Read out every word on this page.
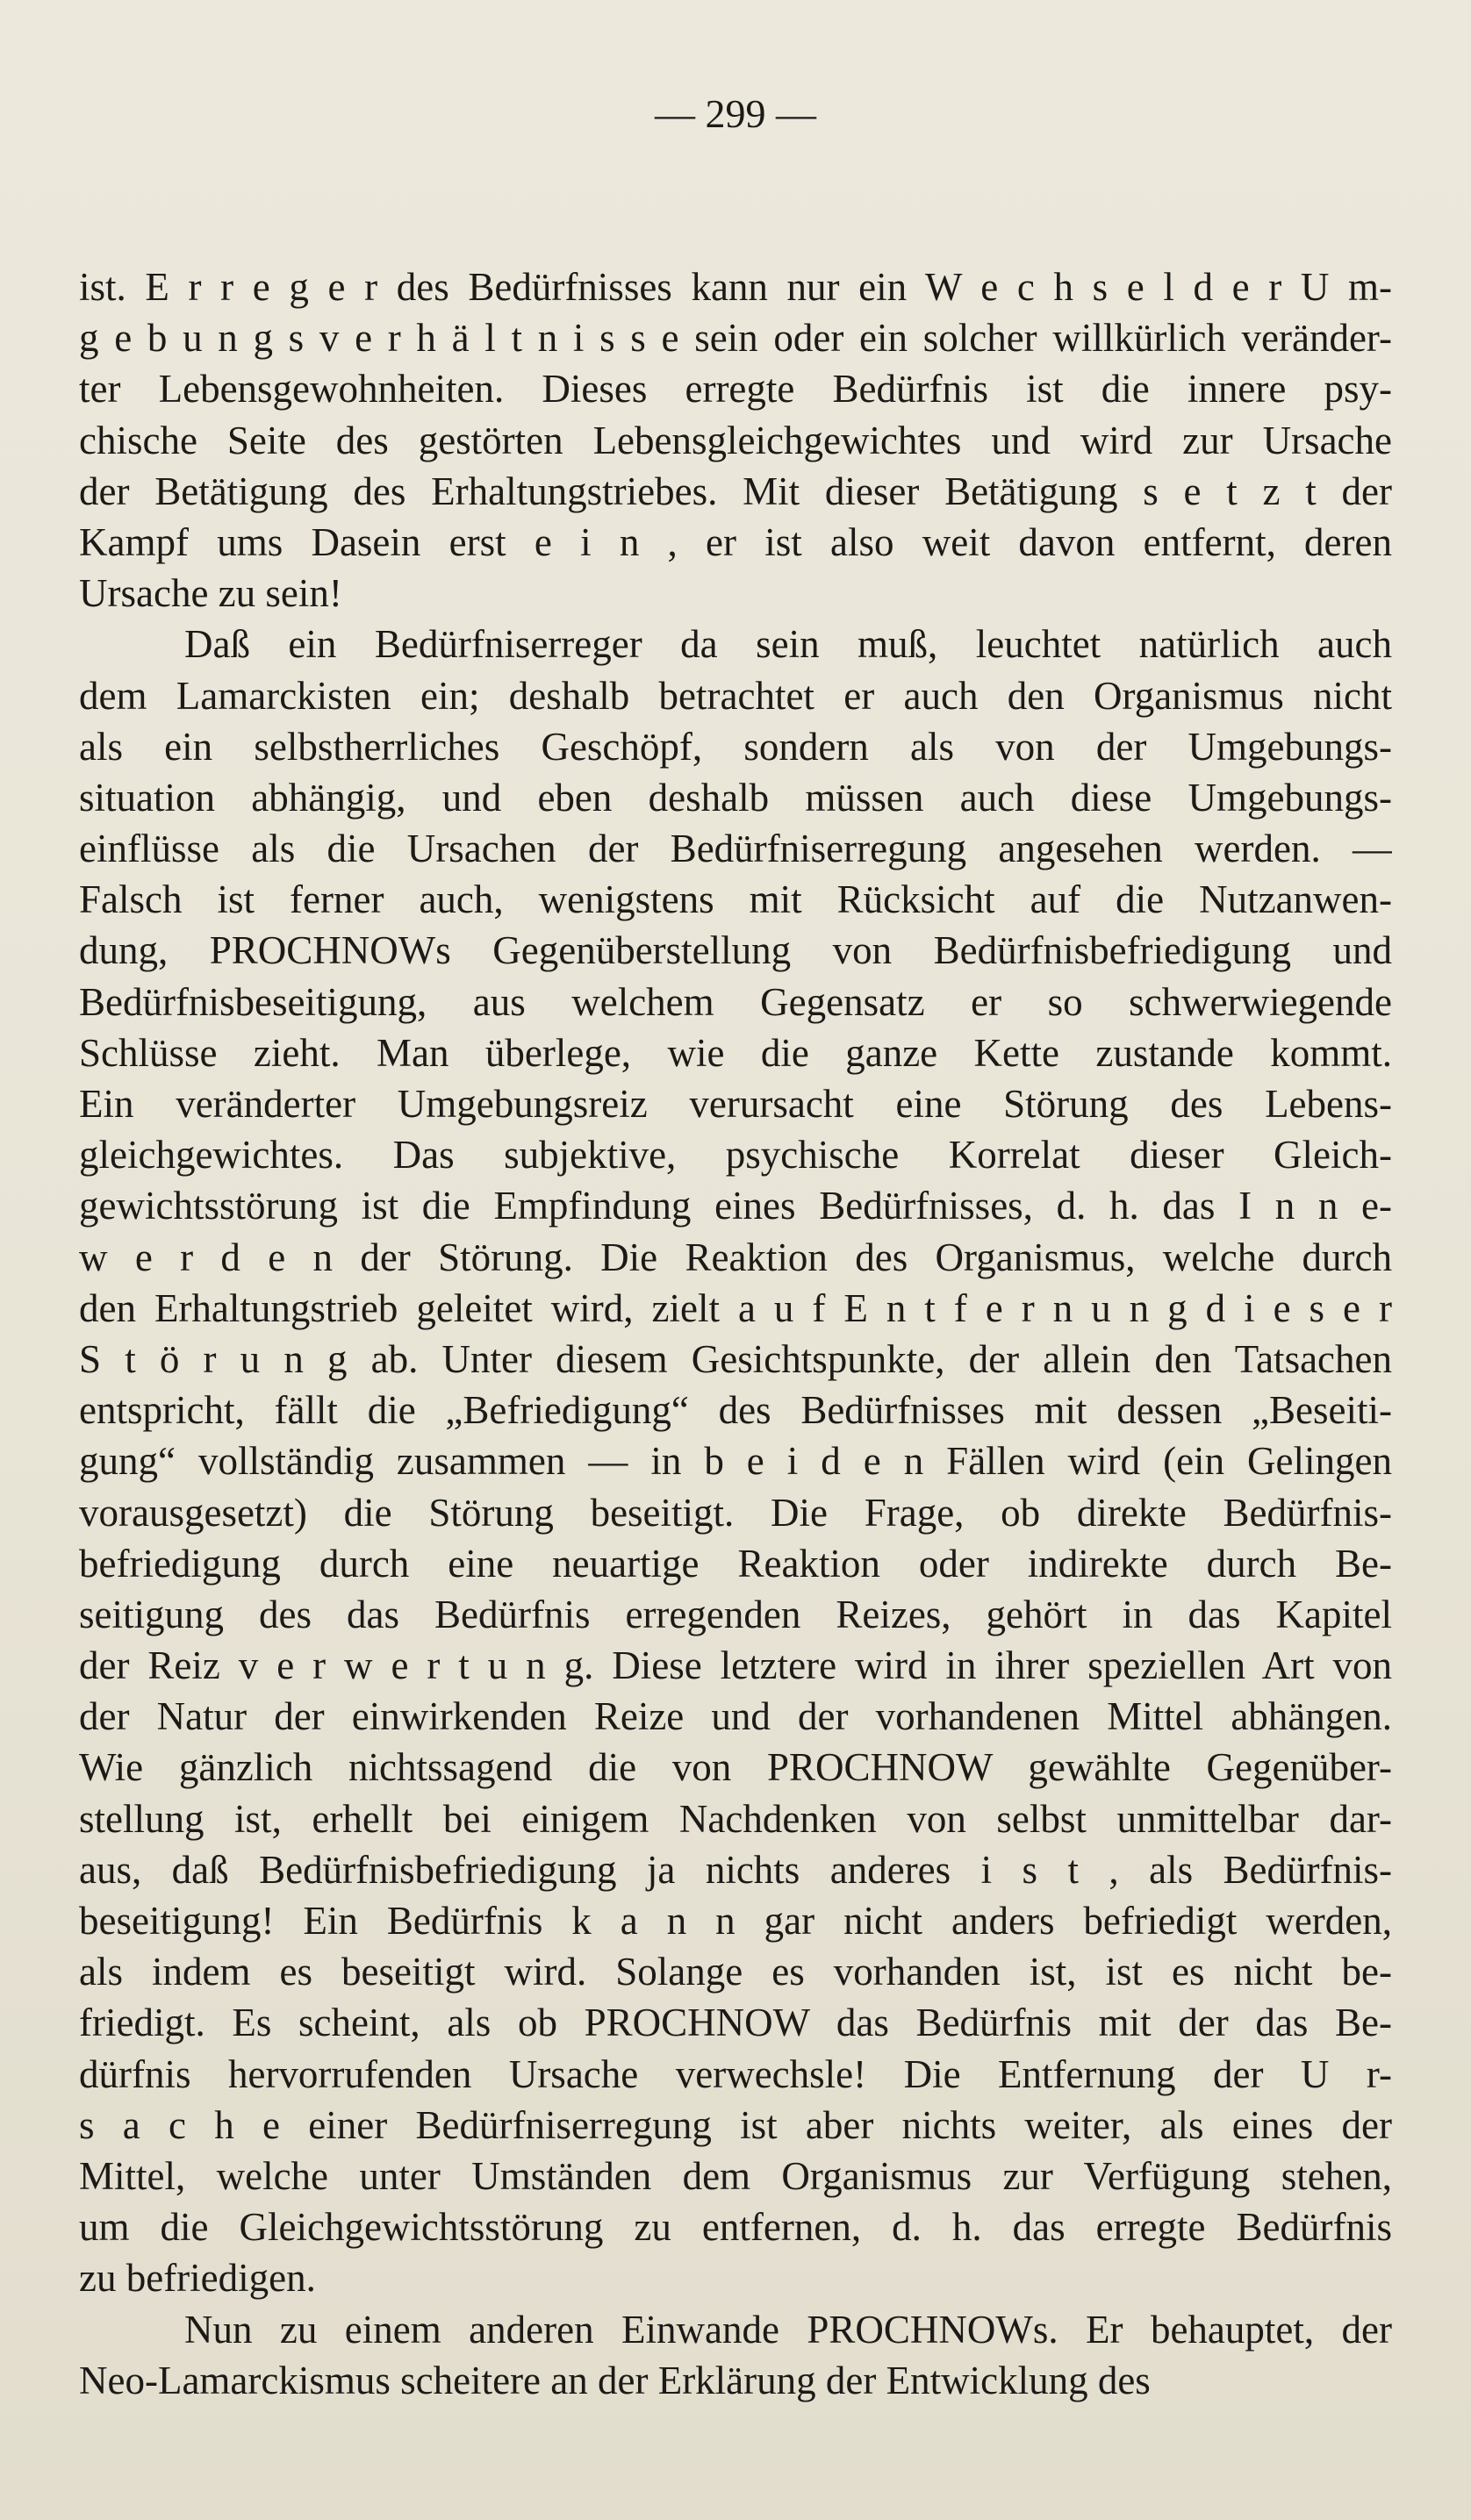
— 299 —
ist. E r r e g e r des Bedürfnisses kann nur ein W e c h s e l d e r U m-
g e b u n g s v e r h ä l t n i s s e sein oder ein solcher willkürlich veränder-
ter Lebensgewohnheiten. Dieses erregte Bedürfnis ist die innere psy-
chische Seite des gestörten Lebensgleichgewichtes und wird zur Ursache
der Betätigung des Erhaltungstriebes. Mit dieser Betätigung s e t z t der
Kampf ums Dasein erst e i n , er ist also weit davon entfernt, deren
Ursache zu sein!
Daß ein Bedürfniserreger da sein muß, leuchtet natürlich auch
dem Lamarckisten ein; deshalb betrachtet er auch den Organismus nicht
als ein selbstherrliches Geschöpf, sondern als von der Umgebungs-
situation abhängig, und eben deshalb müssen auch diese Umgebungs-
einflüsse als die Ursachen der Bedürfniserregung angesehen werden. —
Falsch ist ferner auch, wenigstens mit Rücksicht auf die Nutzanwen-
dung, PROCHNOWs Gegenüberstellung von Bedürfnisbefriedigung und
Bedürfnisbeseitigung, aus welchem Gegensatz er so schwerwiegende
Schlüsse zieht. Man überlege, wie die ganze Kette zustande kommt.
Ein veränderter Umgebungsreiz verursacht eine Störung des Lebens-
gleichgewichtes. Das subjektive, psychische Korrelat dieser Gleich-
gewichtsstörung ist die Empfindung eines Bedürfnisses, d. h. das I n n e-
w e r d e n der Störung. Die Reaktion des Organismus, welche durch
den Erhaltungstrieb geleitet wird, zielt a u f E n t f e r n u n g d i e s e r
S t ö r u n g ab. Unter diesem Gesichtspunkte, der allein den Tatsachen
entspricht, fällt die „Befriedigung“ des Bedürfnisses mit dessen „Beseiti-
gung“ vollständig zusammen — in b e i d e n Fällen wird (ein Gelingen
vorausgesetzt) die Störung beseitigt. Die Frage, ob direkte Bedürfnis-
befriedigung durch eine neuartige Reaktion oder indirekte durch Be-
seitigung des das Bedürfnis erregenden Reizes, gehört in das Kapitel
der Reiz v e r w e r t u n g. Diese letztere wird in ihrer speziellen Art von
der Natur der einwirkenden Reize und der vorhandenen Mittel abhängen.
Wie gänzlich nichtssagend die von PROCHNOW gewählte Gegenüber-
stellung ist, erhellt bei einigem Nachdenken von selbst unmittelbar dar-
aus, daß Bedürfnisbefriedigung ja nichts anderes i s t , als Bedürfnis-
beseitigung! Ein Bedürfnis k a n n gar nicht anders befriedigt werden,
als indem es beseitigt wird. Solange es vorhanden ist, ist es nicht be-
friedigt. Es scheint, als ob PROCHNOW das Bedürfnis mit der das Be-
dürfnis hervorrufenden Ursache verwechsle! Die Entfernung der U r-
s a c h e einer Bedürfniserregung ist aber nichts weiter, als eines der
Mittel, welche unter Umständen dem Organismus zur Verfügung stehen,
um die Gleichgewichtsstörung zu entfernen, d. h. das erregte Bedürfnis
zu befriedigen.
Nun zu einem anderen Einwande PROCHNOWs. Er behauptet, der
Neo-Lamarckismus scheitere an der Erklärung der Entwicklung des
